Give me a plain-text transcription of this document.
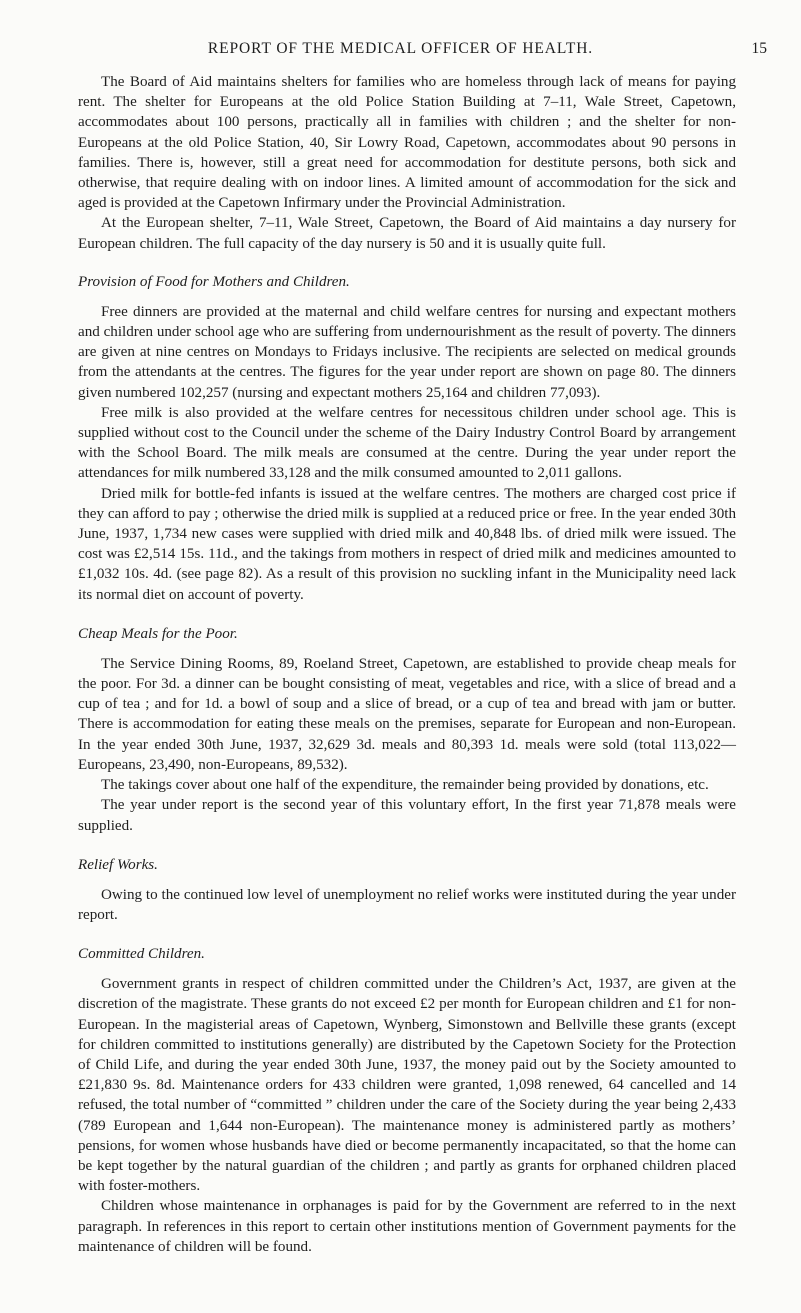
REPORT OF THE MEDICAL OFFICER OF HEALTH.	15

The Board of Aid maintains shelters for families who are homeless through lack of means for paying rent. The shelter for Europeans at the old Police Station Building at 7–11, Wale Street, Capetown, accommodates about 100 persons, practically all in families with children ; and the shelter for non-Europeans at the old Police Station, 40, Sir Lowry Road, Capetown, accommodates about 90 persons in families. There is, however, still a great need for accommodation for destitute persons, both sick and otherwise, that require dealing with on indoor lines. A limited amount of accommodation for the sick and aged is provided at the Capetown Infirmary under the Provincial Administration.

At the European shelter, 7–11, Wale Street, Capetown, the Board of Aid maintains a day nursery for European children. The full capacity of the day nursery is 50 and it is usually quite full.

Provision of Food for Mothers and Children.

Free dinners are provided at the maternal and child welfare centres for nursing and expectant mothers and children under school age who are suffering from undernourishment as the result of poverty. The dinners are given at nine centres on Mondays to Fridays inclusive. The recipients are selected on medical grounds from the attendants at the centres. The figures for the year under report are shown on page 80. The dinners given numbered 102,257 (nursing and expectant mothers 25,164 and children 77,093).

Free milk is also provided at the welfare centres for necessitous children under school age. This is supplied without cost to the Council under the scheme of the Dairy Industry Control Board by arrangement with the School Board. The milk meals are consumed at the centre. During the year under report the attendances for milk numbered 33,128 and the milk consumed amounted to 2,011 gallons.

Dried milk for bottle-fed infants is issued at the welfare centres. The mothers are charged cost price if they can afford to pay ; otherwise the dried milk is supplied at a reduced price or free. In the year ended 30th June, 1937, 1,734 new cases were supplied with dried milk and 40,848 lbs. of dried milk were issued. The cost was £2,514 15s. 11d., and the takings from mothers in respect of dried milk and medicines amounted to £1,032 10s. 4d. (see page 82). As a result of this provision no suckling infant in the Municipality need lack its normal diet on account of poverty.

Cheap Meals for the Poor.

The Service Dining Rooms, 89, Roeland Street, Capetown, are established to provide cheap meals for the poor. For 3d. a dinner can be bought consisting of meat, vegetables and rice, with a slice of bread and a cup of tea ; and for 1d. a bowl of soup and a slice of bread, or a cup of tea and bread with jam or butter. There is accommodation for eating these meals on the premises, separate for European and non-European. In the year ended 30th June, 1937, 32,629 3d. meals and 80,393 1d. meals were sold (total 113,022—Europeans, 23,490, non-Europeans, 89,532).

The takings cover about one half of the expenditure, the remainder being provided by donations, etc.

The year under report is the second year of this voluntary effort, In the first year 71,878 meals were supplied.

Relief Works.

Owing to the continued low level of unemployment no relief works were instituted during the year under report.

Committed Children.

Government grants in respect of children committed under the Children’s Act, 1937, are given at the discretion of the magistrate. These grants do not exceed £2 per month for European children and £1 for non-European. In the magisterial areas of Capetown, Wynberg, Simonstown and Bellville these grants (except for children committed to institutions generally) are distributed by the Capetown Society for the Protection of Child Life, and during the year ended 30th June, 1937, the money paid out by the Society amounted to £21,830 9s. 8d. Maintenance orders for 433 children were granted, 1,098 renewed, 64 cancelled and 14 refused, the total number of “committed ” children under the care of the Society during the year being 2,433 (789 European and 1,644 non-European). The maintenance money is administered partly as mothers’ pensions, for women whose husbands have died or become permanently incapacitated, so that the home can be kept together by the natural guardian of the children ; and partly as grants for orphaned children placed with foster-mothers.

Children whose maintenance in orphanages is paid for by the Government are referred to in the next paragraph. In references in this report to certain other institutions mention of Government payments for the maintenance of children will be found.
